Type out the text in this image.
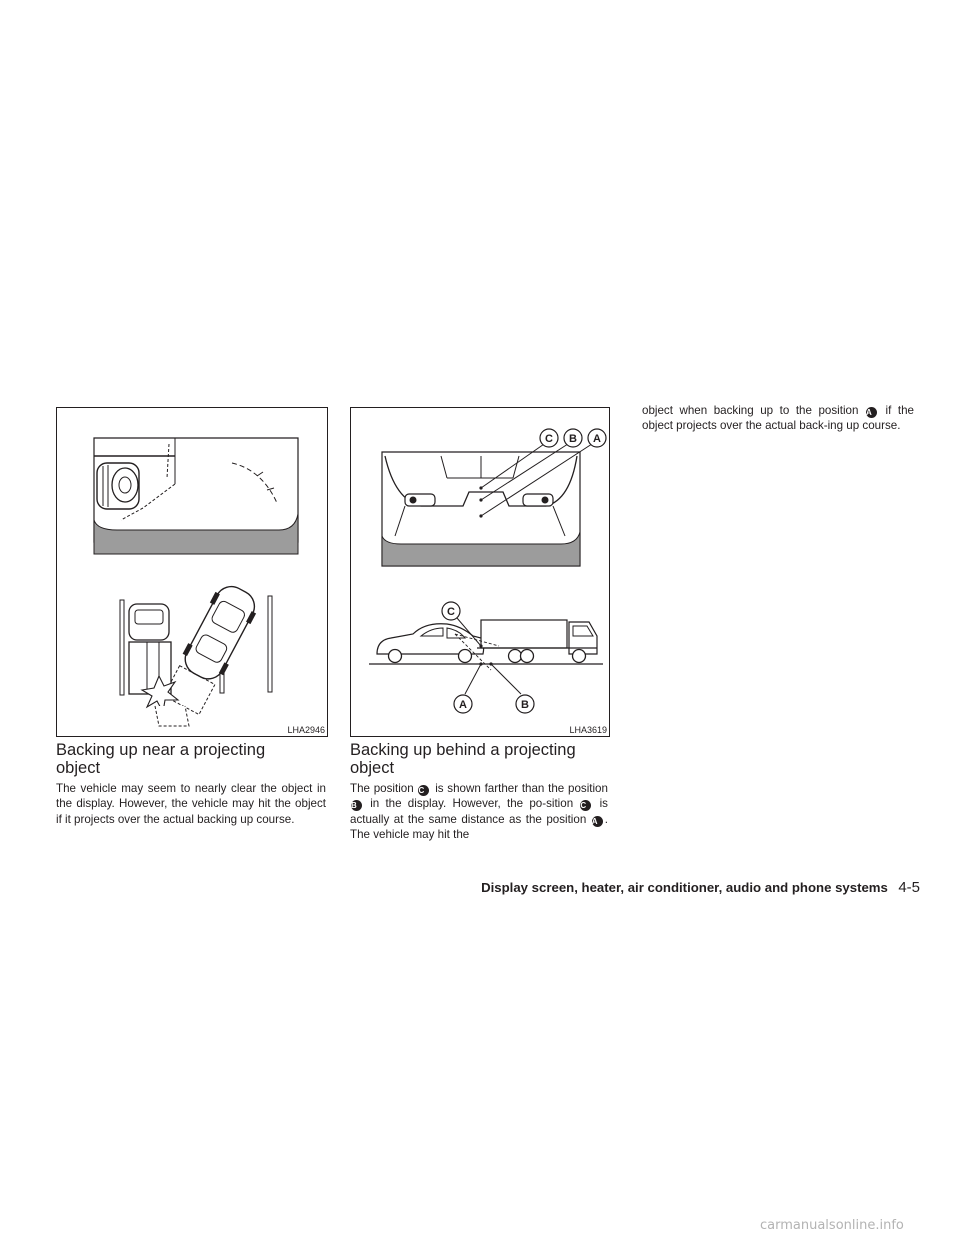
LHA2946
C B A
C
A	B
LHA3619
Backing up near a projecting
object

The vehicle may seem to nearly clear the object in the display. However, the vehicle may hit the object if it projects over the actual backing up course.

Backing up behind a projecting
object

The position C is shown farther than the position B in the display. However, the po-sition C is actually at the same distance as the position A . The vehicle may hit the

object when backing up to the position A if the object projects over the actual back-ing up course.

Display screen, heater, air conditioner, audio and phone systems 4-5
carmanualsonline.info
